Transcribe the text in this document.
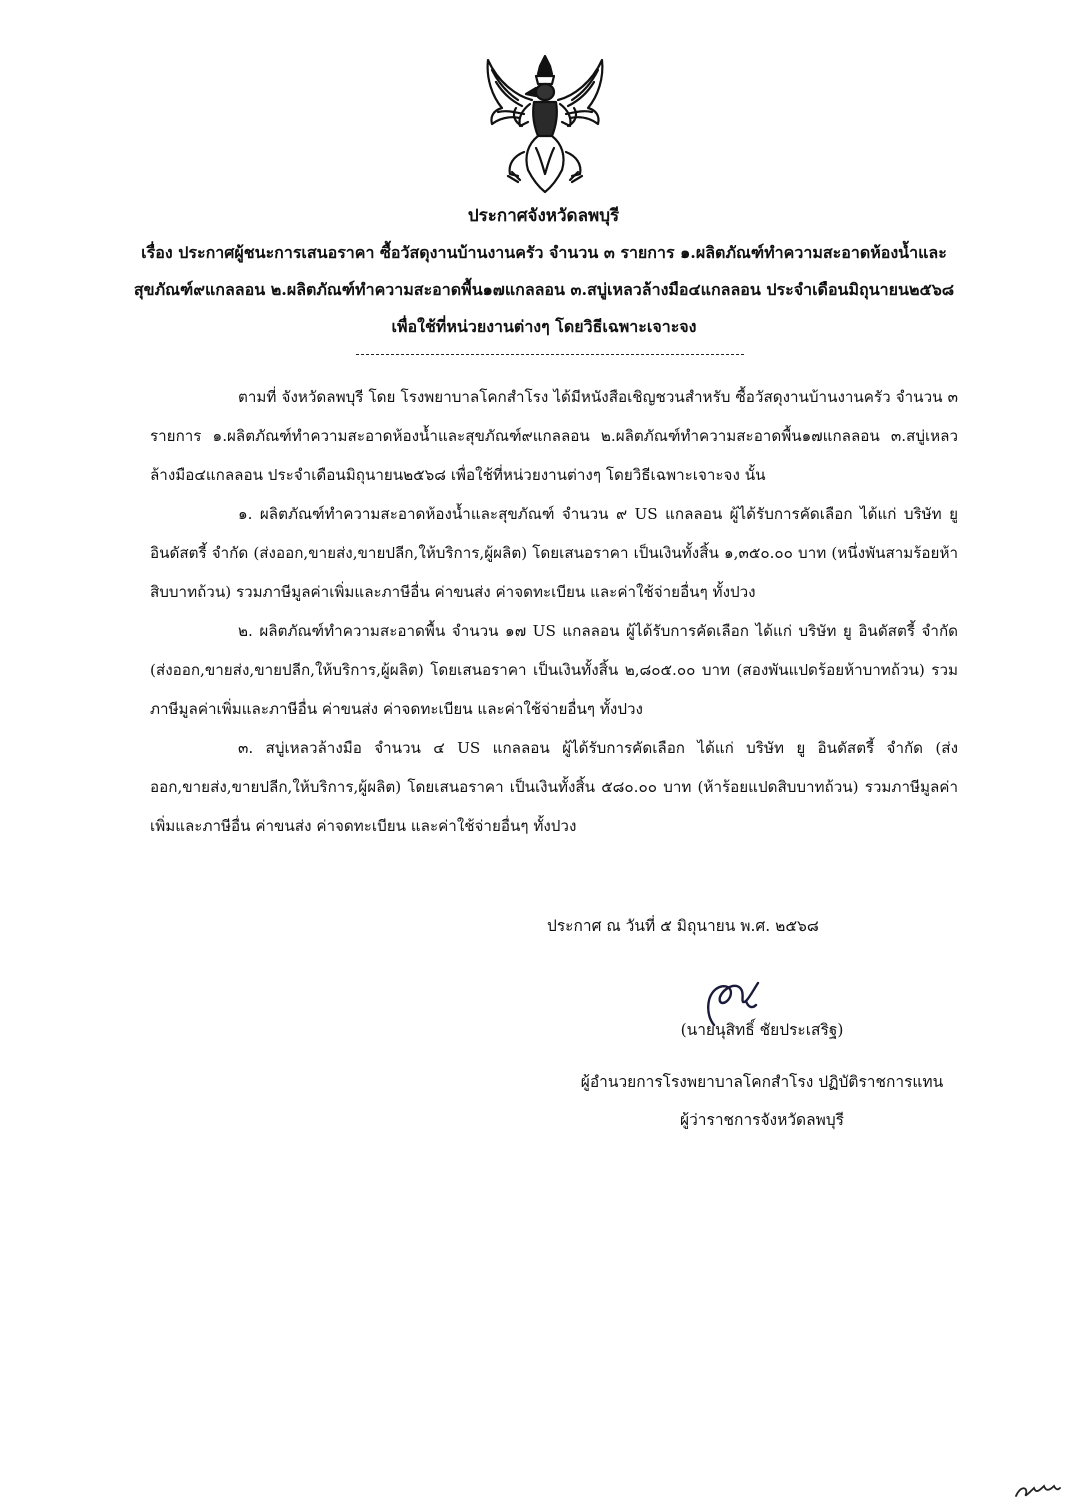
ประกาศจังหวัดลพบุรี
เรื่อง ประกาศผู้ชนะการเสนอราคา ซื้อวัสดุงานบ้านงานครัว จำนวน ๓ รายการ ๑.ผลิตภัณฑ์ทำความสะอาดห้องน้ำและสุขภัณฑ์๙แกลลอน ๒.ผลิตภัณฑ์ทำความสะอาดพื้น๑๗แกลลอน ๓.สบู่เหลวล้างมือ๔แกลลอน ประจำเดือนมิถุนายน๒๕๖๘ เพื่อใช้ที่หน่วยงานต่างๆ โดยวิธีเฉพาะเจาะจง

ตามที่ จังหวัดลพบุรี โดย โรงพยาบาลโคกสำโรง ได้มีหนังสือเชิญชวนสำหรับ ซื้อวัสดุงานบ้านงานครัว จำนวน ๓ รายการ ๑.ผลิตภัณฑ์ทำความสะอาดห้องน้ำและสุขภัณฑ์๙แกลลอน ๒.ผลิตภัณฑ์ทำความสะอาดพื้น๑๗แกลลอน ๓.สบู่เหลวล้างมือ๔แกลลอน ประจำเดือนมิถุนายน๒๕๖๘ เพื่อใช้ที่หน่วยงานต่างๆ โดยวิธีเฉพาะเจาะจง นั้น

๑. ผลิตภัณฑ์ทำความสะอาดห้องน้ำและสุขภัณฑ์ จำนวน ๙ US แกลลอน ผู้ได้รับการคัดเลือก ได้แก่ บริษัท ยู อินดัสตรี้ จำกัด (ส่งออก,ขายส่ง,ขายปลีก,ให้บริการ,ผู้ผลิต) โดยเสนอราคา เป็นเงินทั้งสิ้น ๑,๓๕๐.๐๐ บาท (หนึ่งพันสามร้อยห้าสิบบาทถ้วน) รวมภาษีมูลค่าเพิ่มและภาษีอื่น ค่าขนส่ง ค่าจดทะเบียน และค่าใช้จ่ายอื่นๆ ทั้งปวง

๒. ผลิตภัณฑ์ทำความสะอาดพื้น จำนวน ๑๗ US แกลลอน ผู้ได้รับการคัดเลือก ได้แก่ บริษัท ยู อินดัสตรี้ จำกัด (ส่งออก,ขายส่ง,ขายปลีก,ให้บริการ,ผู้ผลิต) โดยเสนอราคา เป็นเงินทั้งสิ้น ๒,๘๐๕.๐๐ บาท (สองพันแปดร้อยห้าบาทถ้วน) รวมภาษีมูลค่าเพิ่มและภาษีอื่น ค่าขนส่ง ค่าจดทะเบียน และค่าใช้จ่ายอื่นๆ ทั้งปวง

๓. สบู่เหลวล้างมือ จำนวน ๔ US แกลลอน ผู้ได้รับการคัดเลือก ได้แก่ บริษัท ยู อินดัสตรี้ จำกัด (ส่งออก,ขายส่ง,ขายปลีก,ให้บริการ,ผู้ผลิต) โดยเสนอราคา เป็นเงินทั้งสิ้น ๕๘๐.๐๐ บาท (ห้าร้อยแปดสิบบาทถ้วน) รวมภาษีมูลค่าเพิ่มและภาษีอื่น ค่าขนส่ง ค่าจดทะเบียน และค่าใช้จ่ายอื่นๆ ทั้งปวง

ประกาศ ณ วันที่ ๕ มิถุนายน พ.ศ. ๒๕๖๘
(นายนุสิทธิ์ ชัยประเสริฐ)
ผู้อำนวยการโรงพยาบาลโคกสำโรง ปฏิบัติราชการแทน
ผู้ว่าราชการจังหวัดลพบุรี
